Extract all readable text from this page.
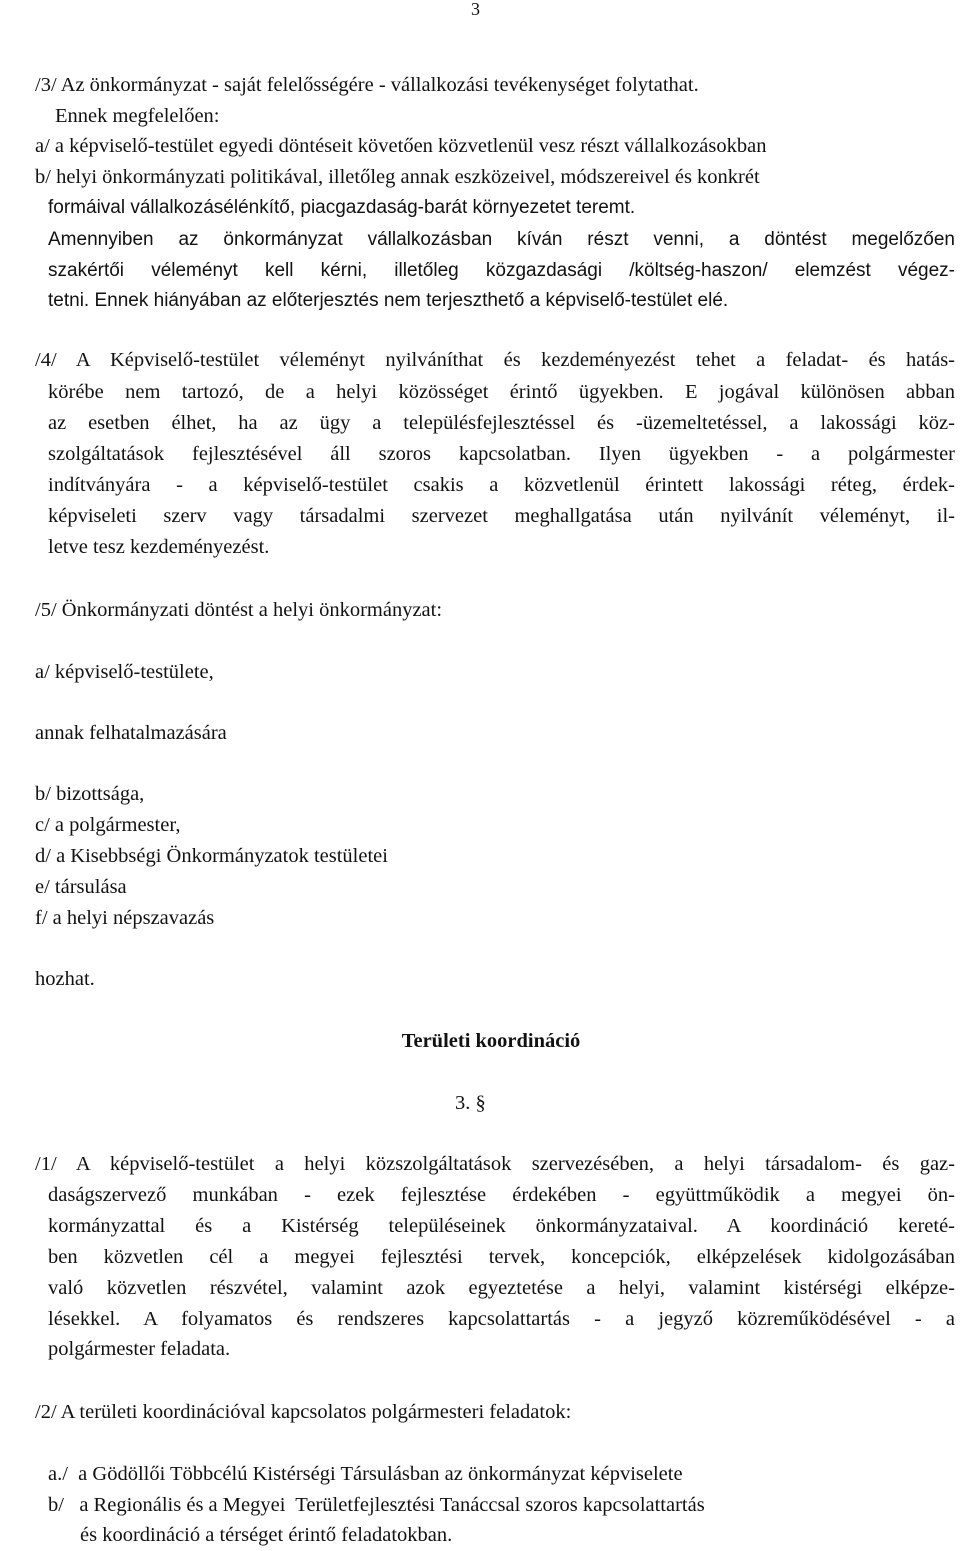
3
/3/ Az önkormányzat - saját felelősségére - vállalkozási tevékenységet folytathat.
Ennek megfelelően:
a/ a képviselő-testület egyedi döntéseit követően közvetlenül vesz részt vállalkozásokban
b/ helyi önkormányzati politikával, illetőleg annak eszközeivel, módszereivel és konkrét
formáival vállalkozásélénkítő, piacgazdaság-barát környezetet teremt.
Amennyiben az önkormányzat vállalkozásban kíván részt venni, a döntést megelőzően
szakértői véleményt kell kérni, illetőleg közgazdasági /költség-haszon/ elemzést végez-
tetni. Ennek hiányában az előterjesztés nem terjeszthető a képviselő-testület elé.
/4/ A Képviselő-testület véleményt nyilváníthat és kezdeményezést tehet a feladat- és hatás-
körébe nem tartozó, de a helyi közösséget érintő ügyekben. E jogával különösen abban
az esetben élhet, ha az ügy a településfejlesztéssel és -üzemeltetéssel, a lakossági köz-
szolgáltatások fejlesztésével áll szoros kapcsolatban. Ilyen ügyekben - a polgármester
indítványára - a képviselő-testület csakis a közvetlenül érintett lakossági réteg, érdek-
képviseleti szerv vagy társadalmi szervezet meghallgatása után nyilvánít véleményt, il-
letve tesz kezdeményezést.
/5/ Önkormányzati döntést a helyi önkormányzat:
a/ képviselő-testülete,
annak felhatalmazására
b/ bizottsága,
c/ a polgármester,
d/ a Kisebbségi Önkormányzatok testületei
e/ társulása
f/ a helyi népszavazás
hozhat.
Területi koordináció
3. §
/1/ A képviselő-testület a helyi közszolgáltatások szervezésében, a helyi társadalom- és gaz-
daságszervező munkában - ezek fejlesztése érdekében - együttműködik a megyei ön-
kormányzattal és a Kistérség településeinek önkormányzataival. A koordináció kereté-
ben közvetlen cél a megyei fejlesztési tervek, koncepciók, elképzelések kidolgozásában
való közvetlen részvétel, valamint azok egyeztetése a helyi, valamint kistérségi elképze-
lésekkel. A folyamatos és rendszeres kapcsolattartás - a jegyző közreműködésével - a
polgármester feladata.
/2/ A területi koordinációval kapcsolatos polgármesteri feladatok:
a./  a Gödöllői Többcélú Kistérségi Társulásban az önkormányzat képviselete
b/   a Regionális és a Megyei  Területfejlesztési Tanáccsal szoros kapcsolattartás
és koordináció a térséget érintő feladatokban.
